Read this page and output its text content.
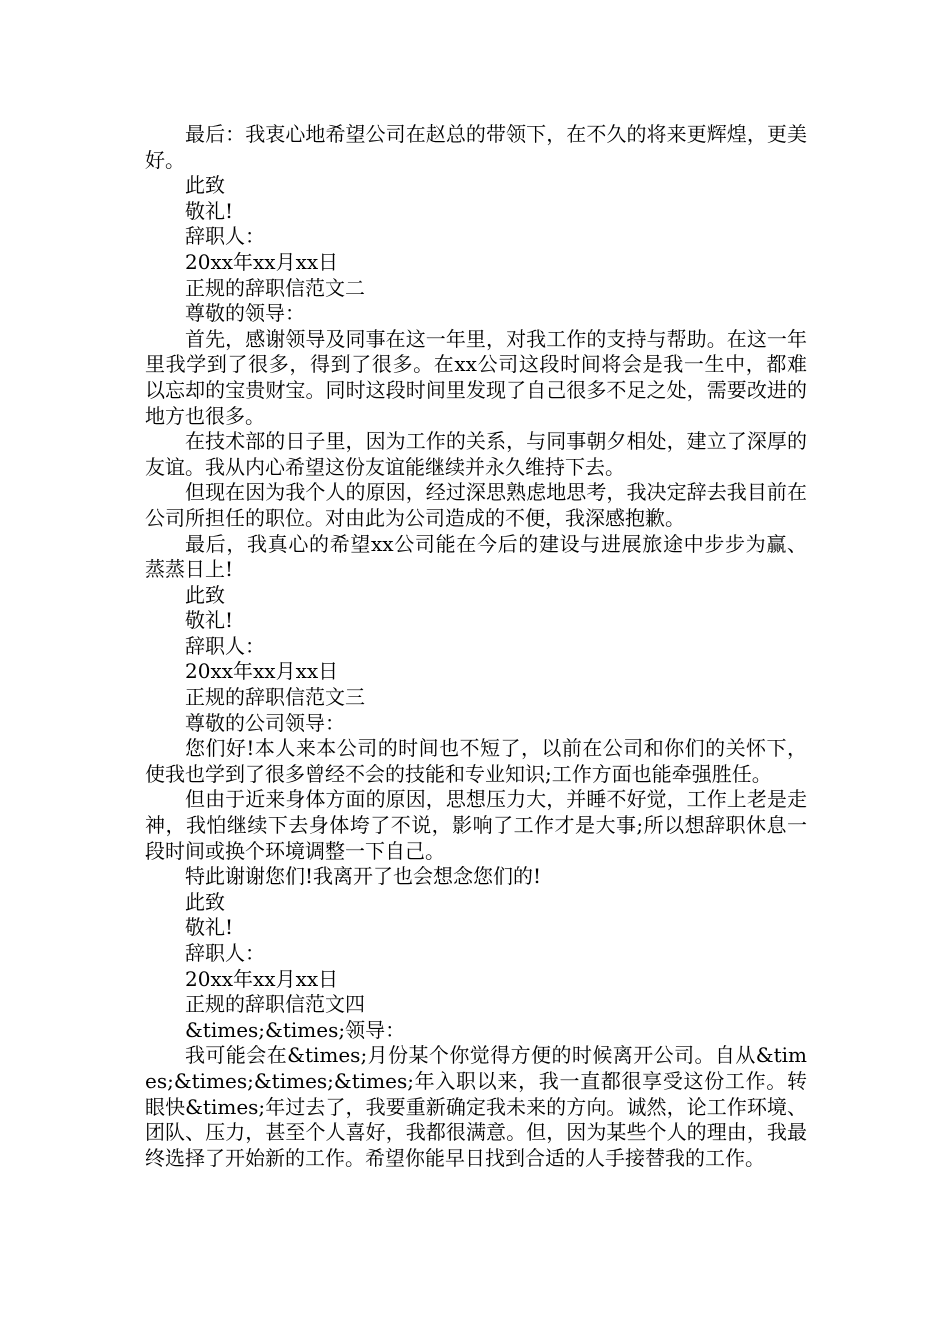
最后：我衷心地希望公司在赵总的带领下，在不久的将来更辉煌，更美好。

此致

敬礼!

辞职人：

20xx年xx月xx日

正规的辞职信范文二

尊敬的领导：

首先，感谢领导及同事在这一年里，对我工作的支持与帮助。在这一年里我学到了很多，得到了很多。在xx公司这段时间将会是我一生中，都难以忘却的宝贵财宝。同时这段时间里发现了自己很多不足之处，需要改进的地方也很多。

在技术部的日子里，因为工作的关系，与同事朝夕相处，建立了深厚的友谊。我从内心希望这份友谊能继续并永久维持下去。

但现在因为我个人的原因，经过深思熟虑地思考，我决定辞去我目前在公司所担任的职位。对由此为公司造成的不便，我深感抱歉。

最后，我真心的希望xx公司能在今后的建设与进展旅途中步步为赢、蒸蒸日上!

此致

敬礼!

辞职人：

20xx年xx月xx日

正规的辞职信范文三

尊敬的公司领导：

您们好!本人来本公司的时间也不短了，以前在公司和你们的关怀下，使我也学到了很多曾经不会的技能和专业知识;工作方面也能牵强胜任。

但由于近来身体方面的原因，思想压力大，并睡不好觉，工作上老是走神，我怕继续下去身体垮了不说，影响了工作才是大事;所以想辞职休息一段时间或换个环境调整一下自己。

特此谢谢您们!我离开了也会想念您们的!

此致

敬礼!

辞职人：

20xx年xx月xx日

正规的辞职信范文四

&times;&times;领导：

我可能会在&times;月份某个你觉得方便的时候离开公司。自从&times;&times;&times;&times;年入职以来，我一直都很享受这份工作。转眼快&times;年过去了，我要重新确定我未来的方向。诚然，论工作环境、团队、压力，甚至个人喜好，我都很满意。但，因为某些个人的理由，我最终选择了开始新的工作。希望你能早日找到合适的人手接替我的工作。
